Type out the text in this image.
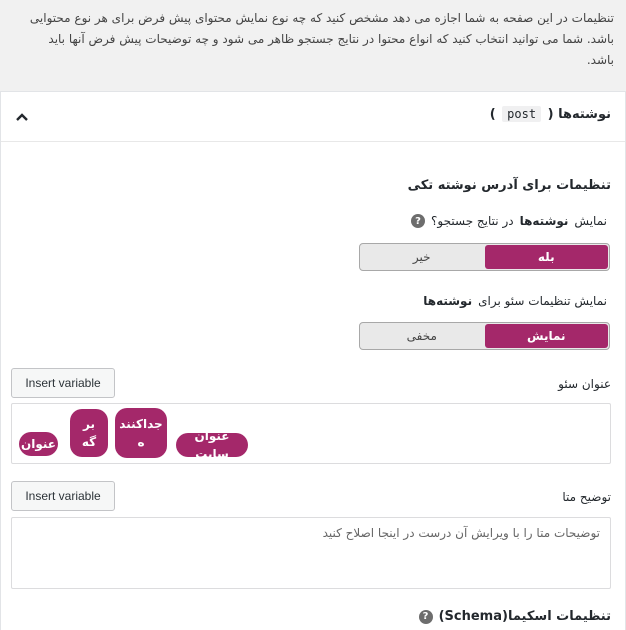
تنظیمات در این صفحه به شما اجازه می دهد مشخص کنید که چه نوع نمایش محتوای پیش فرض برای هر نوع محتوایی باشد. شما می توانید انتخاب کنید که انواع محتوا در نتایج جستجو ظاهر می شود و چه توضیحات پیش فرض آنها باید باشد.

نوشته‌ها ( post )
تنظیمات برای آدرس نوشته تکی
نمایش
نوشته‌ها
در نتایج جستجو؟
?
بله
خیر
نمایش تنظیمات سئو برای
نوشته‌ها
نمایش
مخفی
Insert variable	عنوان سئو
عنوان
بر گه
جداکنند ه	عنوان سایت
Insert variable	توضیح متا
توضیحات متا را با ویرایش آن درست در اینجا اصلاح کنید
تنظیمات اسکیما(Schema)
?
